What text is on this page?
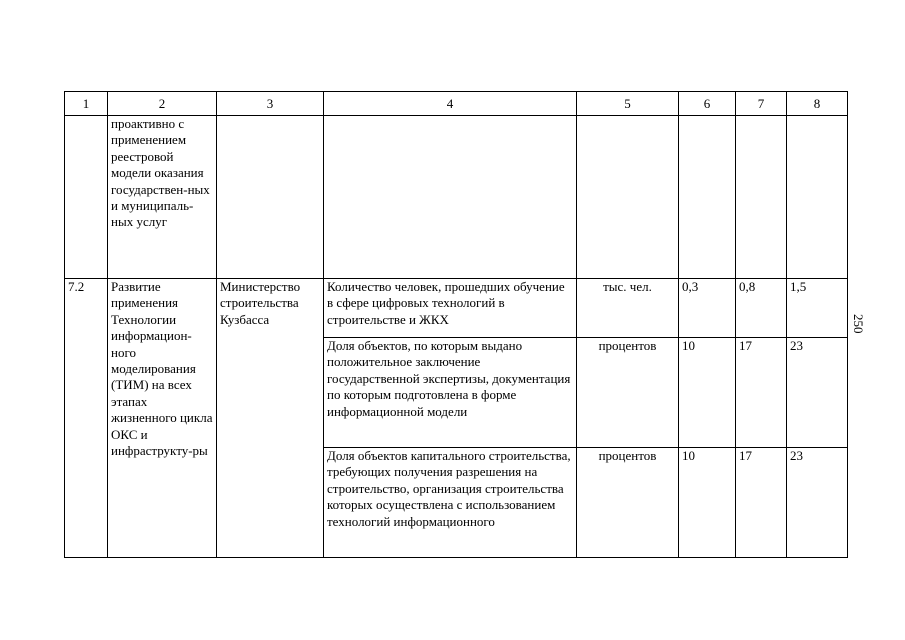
1	2	3	4	5	6	7	8
	проактивно с применением реестровой модели оказания государствен-ных и муниципаль-ных услуг						
7.2	Развитие применения Технологии информацион-ного моделирования (ТИМ) на всех этапах жизненного цикла ОКС и инфраструкту-ры	Министерство строительства Кузбасса	Количество человек, прошедших обучение в сфере цифровых технологий в строительстве и ЖКХ	тыс. чел.	0,3	0,8	1,5
			Доля объектов, по которым выдано положительное заключение государственной экспертизы, документация по которым подготовлена в форме информационной модели	процентов	10	17	23
			Доля объектов капитального строительства, требующих получения разрешения на строительство, организация строительства которых осуществлена с использованием технологий информационного	процентов	10	17	23
250
